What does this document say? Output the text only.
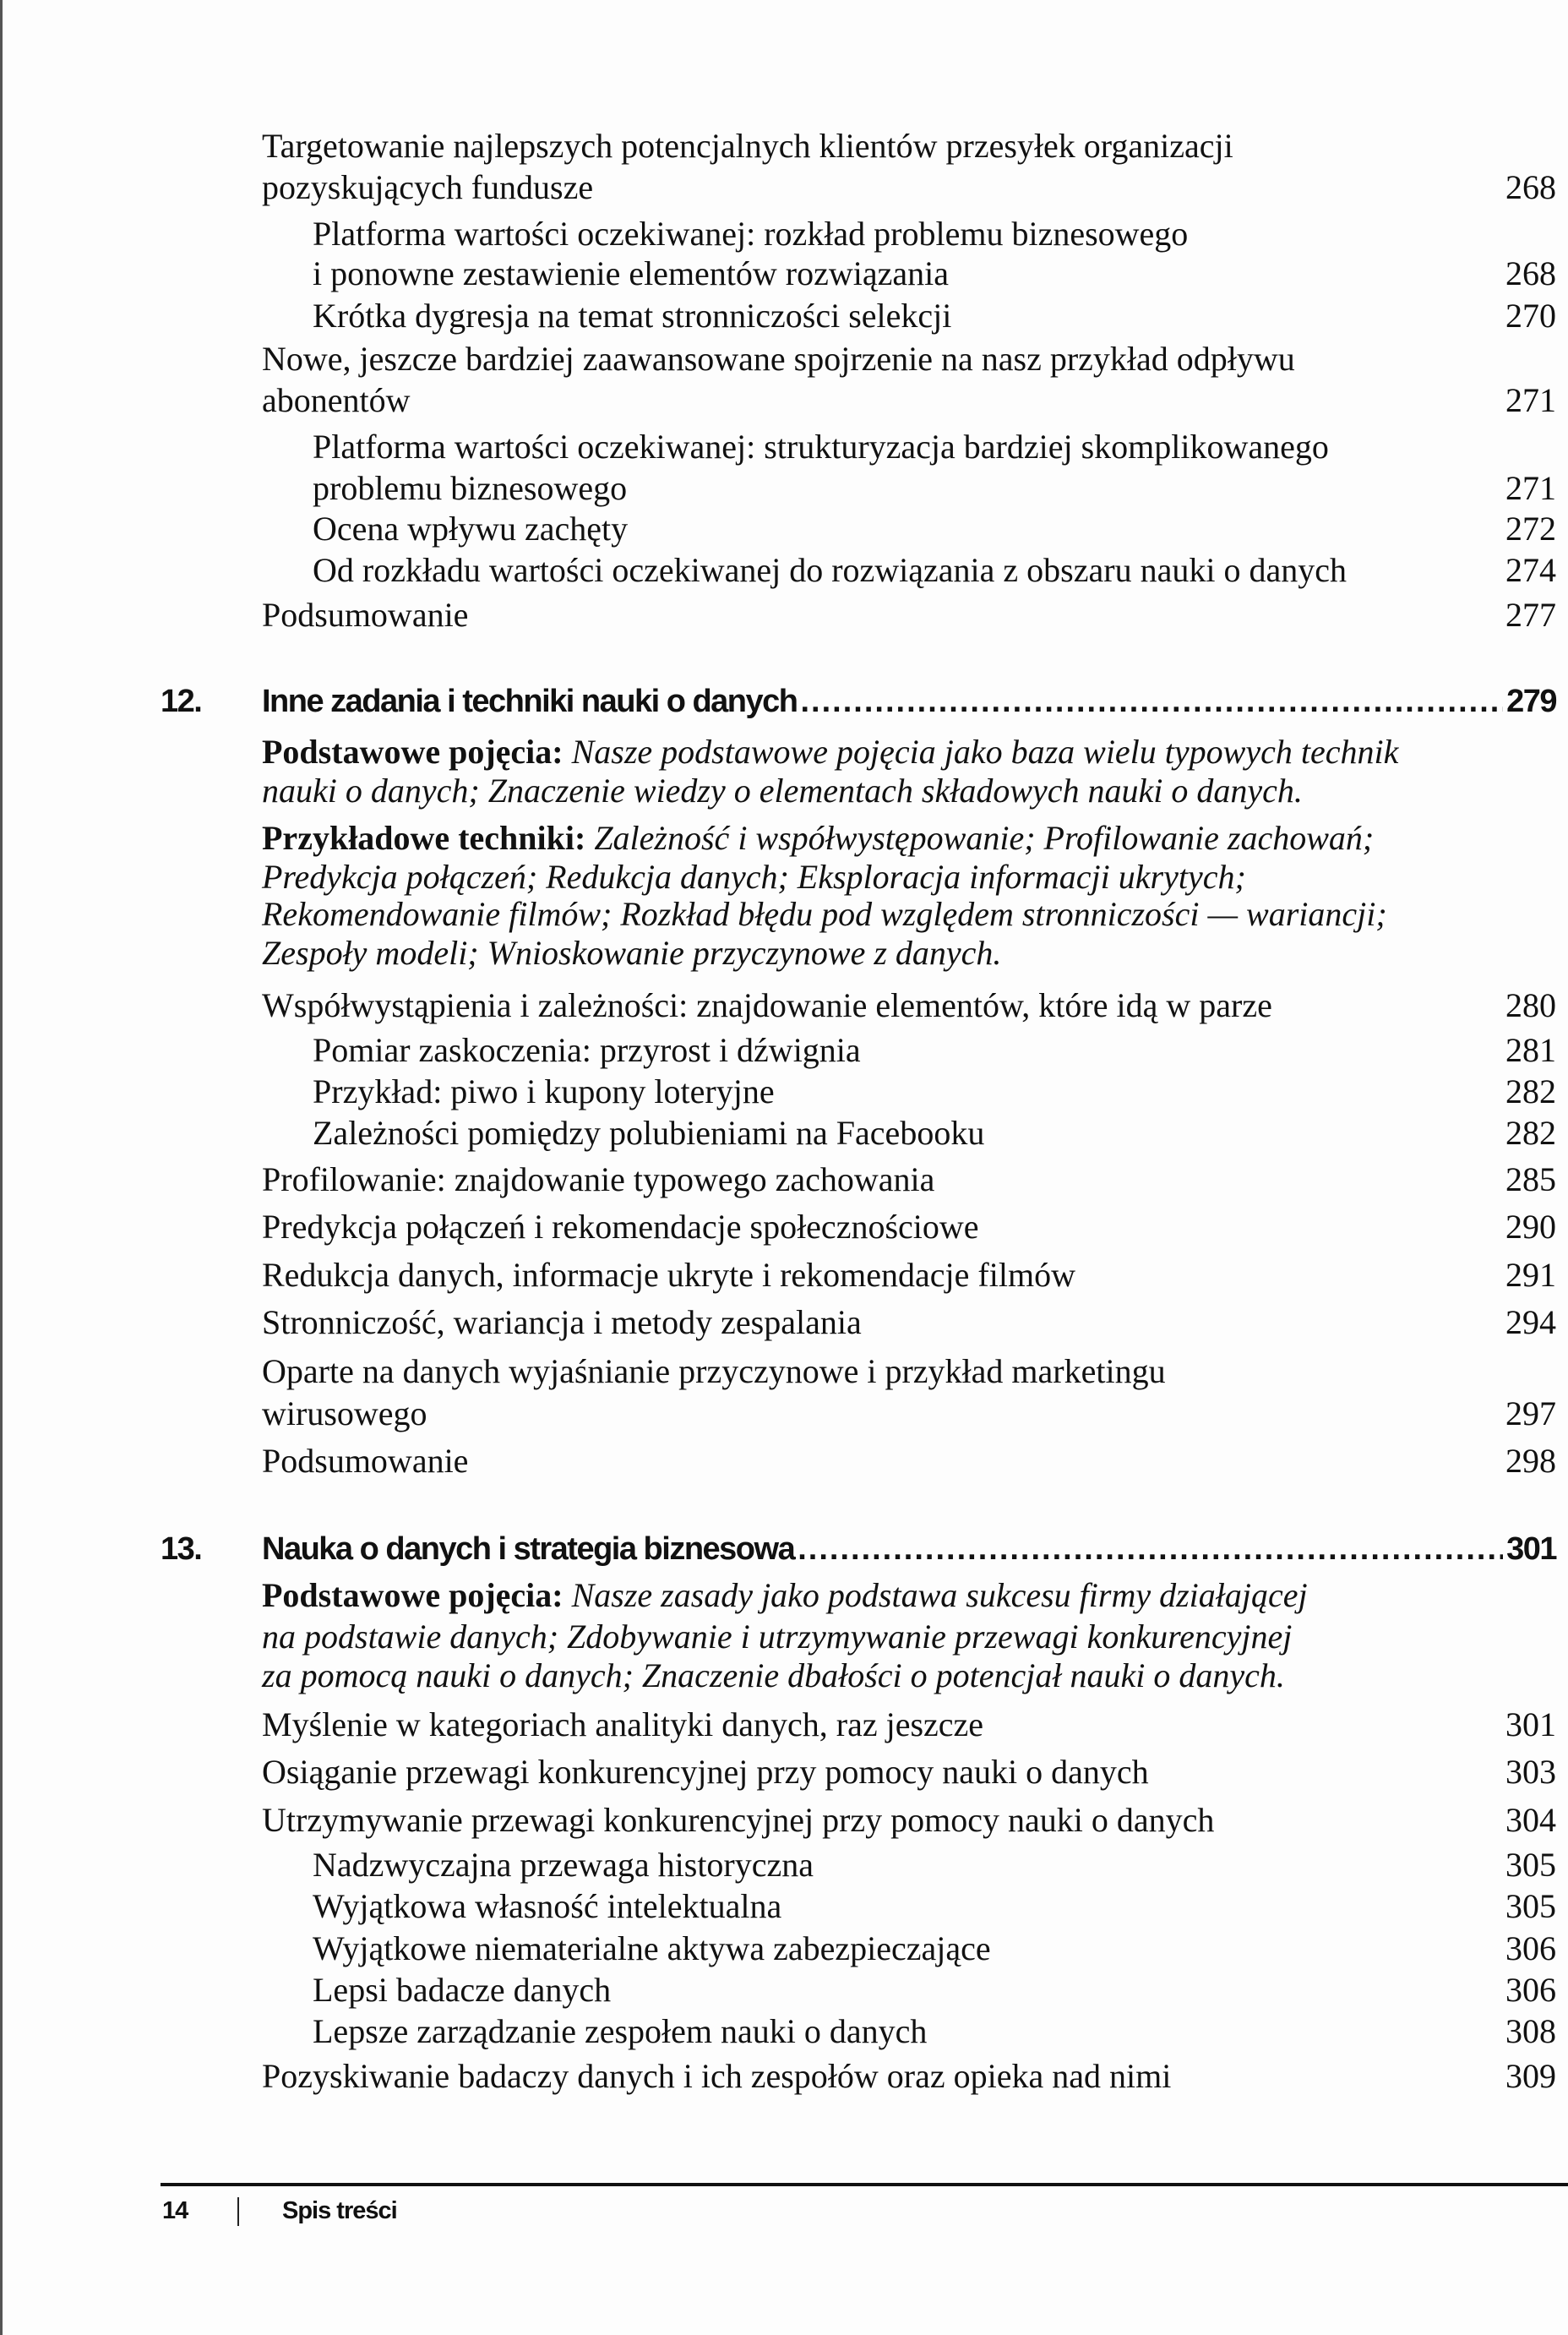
Targetowanie najlepszych potencjalnych klientów przesyłek organizacji
pozyskujących fundusze	268
Platforma wartości oczekiwanej: rozkład problemu biznesowego
i ponowne zestawienie elementów rozwiązania	268
Krótka dygresja na temat stronniczości selekcji	270
Nowe, jeszcze bardziej zaawansowane spojrzenie na nasz przykład odpływu
abonentów	271
Platforma wartości oczekiwanej: strukturyzacja bardziej skomplikowanego
problemu biznesowego	271
Ocena wpływu zachęty	272
Od rozkładu wartości oczekiwanej do rozwiązania z obszaru nauki o danych	274
Podsumowanie	277
12. Inne zadania i techniki nauki o danych .....	279
Podstawowe pojęcia: Nasze podstawowe pojęcia jako baza wielu typowych technik
nauki o danych; Znaczenie wiedzy o elementach składowych nauki o danych.
Przykładowe techniki: Zależność i współwystępowanie; Profilowanie zachowań;
Predykcja połączeń; Redukcja danych; Eksploracja informacji ukrytych;
Rekomendowanie filmów; Rozkład błędu pod względem stronniczości — wariancji;
Zespoły modeli; Wnioskowanie przyczynowe z danych.
Współwystąpienia i zależności: znajdowanie elementów, które idą w parze	280
Pomiar zaskoczenia: przyrost i dźwignia	281
Przykład: piwo i kupony loteryjne	282
Zależności pomiędzy polubieniami na Facebooku	282
Profilowanie: znajdowanie typowego zachowania	285
Predykcja połączeń i rekomendacje społecznościowe	290
Redukcja danych, informacje ukryte i rekomendacje filmów	291
Stronniczość, wariancja i metody zespalania	294
Oparte na danych wyjaśnianie przyczynowe i przykład marketingu
wirusowego	297
Podsumowanie	298
13. Nauka o danych i strategia biznesowa .....	301
Podstawowe pojęcia: Nasze zasady jako podstawa sukcesu firmy działającej
na podstawie danych; Zdobywanie i utrzymywanie przewagi konkurencyjnej
za pomocą nauki o danych; Znaczenie dbałości o potencjał nauki o danych.
Myślenie w kategoriach analityki danych, raz jeszcze	301
Osiąganie przewagi konkurencyjnej przy pomocy nauki o danych	303
Utrzymywanie przewagi konkurencyjnej przy pomocy nauki o danych	304
Nadzwyczajna przewaga historyczna	305
Wyjątkowa własność intelektualna	305
Wyjątkowe niematerialne aktywa zabezpieczające	306
Lepsi badacze danych	306
Lepsze zarządzanie zespołem nauki o danych	308
Pozyskiwanie badaczy danych i ich zespołów oraz opieka nad nimi	309
14	Spis treści
